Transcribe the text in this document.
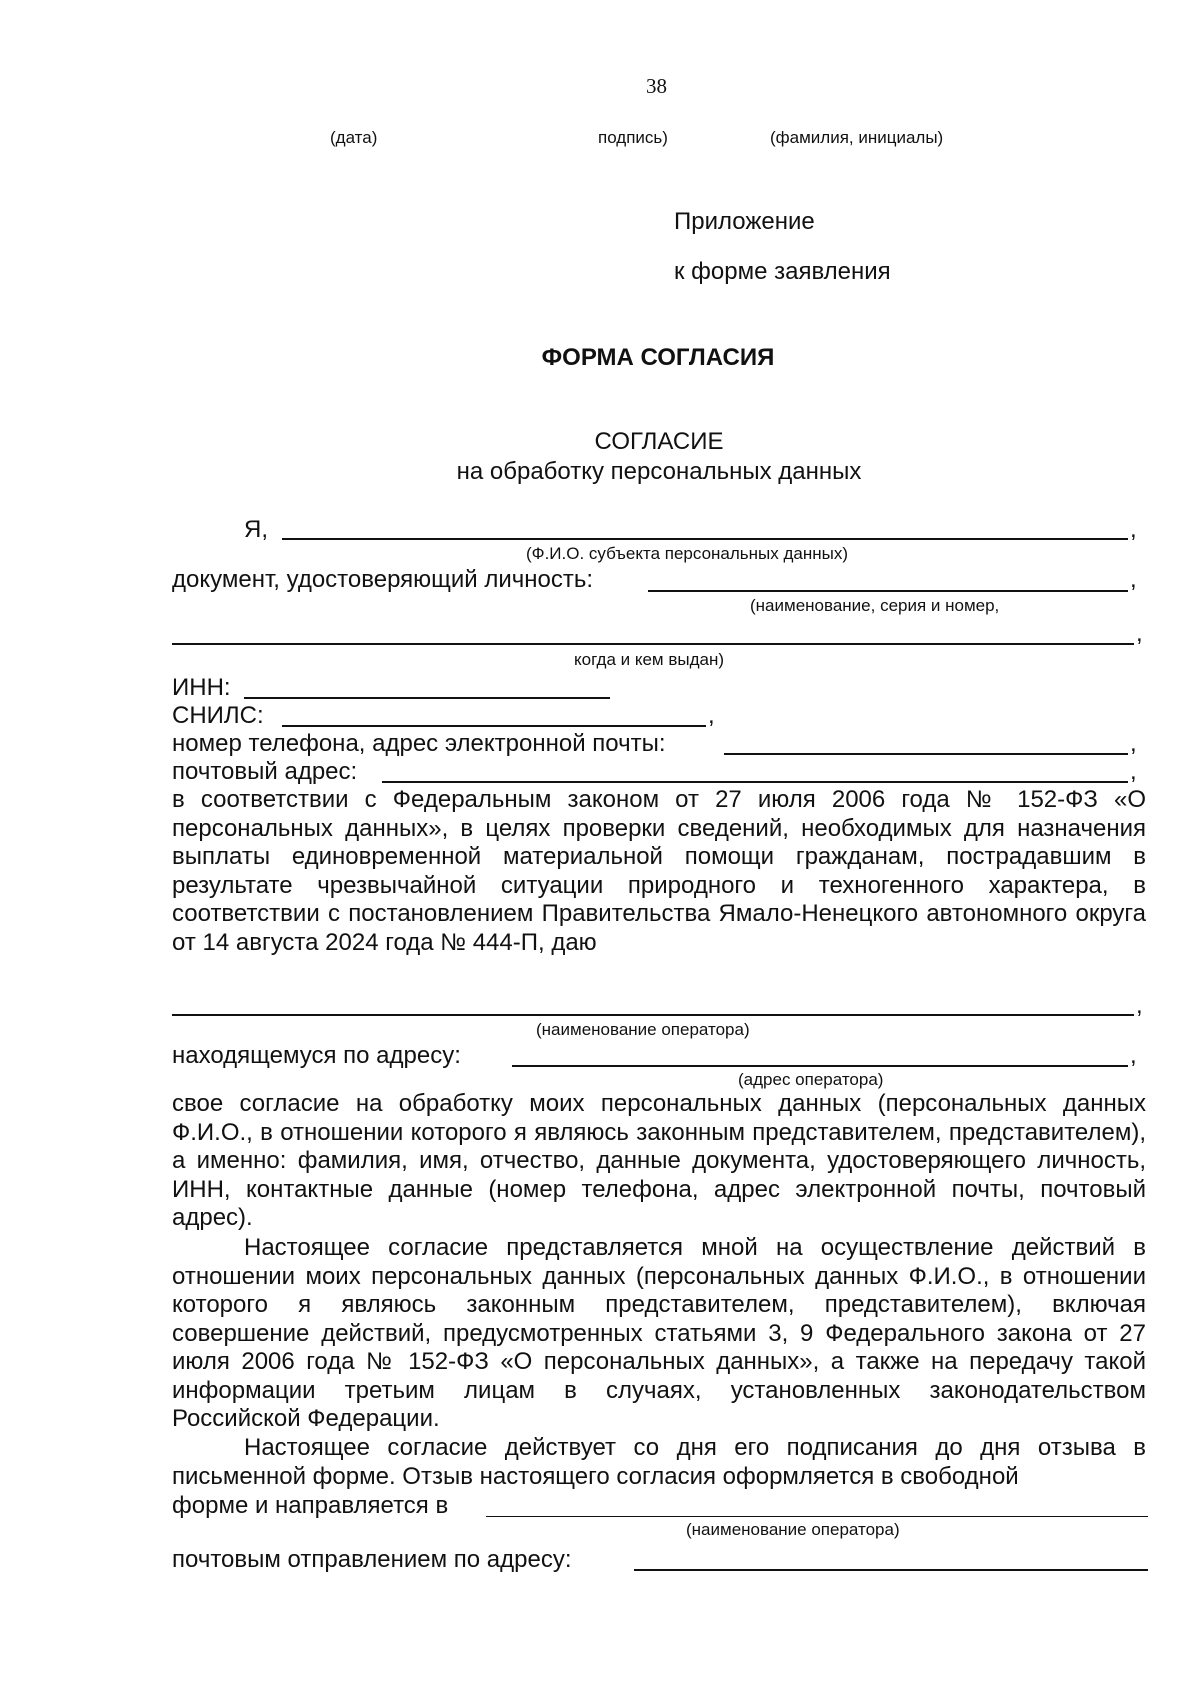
38
(дата)	подпись)	(фамилия, инициалы)
Приложение
к форме заявления
ФОРМА СОГЛАСИЯ
СОГЛАСИЕ
на обработку персональных данных
Я,	,
(Ф.И.О. субъекта персональных данных)
документ, удостоверяющий личность:	,
(наименование, серия и номер,
,
когда и кем выдан)
ИНН:
СНИЛС:	,
номер телефона, адрес электронной почты:	,
почтовый адрес:	,
в соответствии с Федеральным законом от 27 июля 2006 года № 152-ФЗ «О персональных данных», в целях проверки сведений, необходимых для назначения выплаты единовременной материальной помощи гражданам, пострадавшим в результате чрезвычайной ситуации природного и техногенного характера, в соответствии с постановлением Правительства Ямало-Ненецкого автономного округа от 14 августа 2024 года № 444-П, даю
,
(наименование оператора)
находящемуся по адресу:	,
(адрес оператора)
свое согласие на обработку моих персональных данных (персональных данных Ф.И.О., в отношении которого я являюсь законным представителем, представителем), а именно: фамилия, имя, отчество, данные документа, удостоверяющего личность, ИНН, контактные данные (номер телефона, адрес электронной почты, почтовый адрес).
Настоящее согласие представляется мной на осуществление действий в отношении моих персональных данных (персональных данных Ф.И.О., в отношении которого я являюсь законным представителем, представителем), включая совершение действий, предусмотренных статьями 3, 9 Федерального закона от 27 июля 2006 года № 152-ФЗ «О персональных данных», а также на передачу такой информации третьим лицам в случаях, установленных законодательством Российской Федерации.
Настоящее согласие действует со дня его подписания до дня отзыва в письменной форме. Отзыв настоящего согласия оформляется в свободной
форме и направляется в
(наименование оператора)
почтовым отправлением по адресу:
